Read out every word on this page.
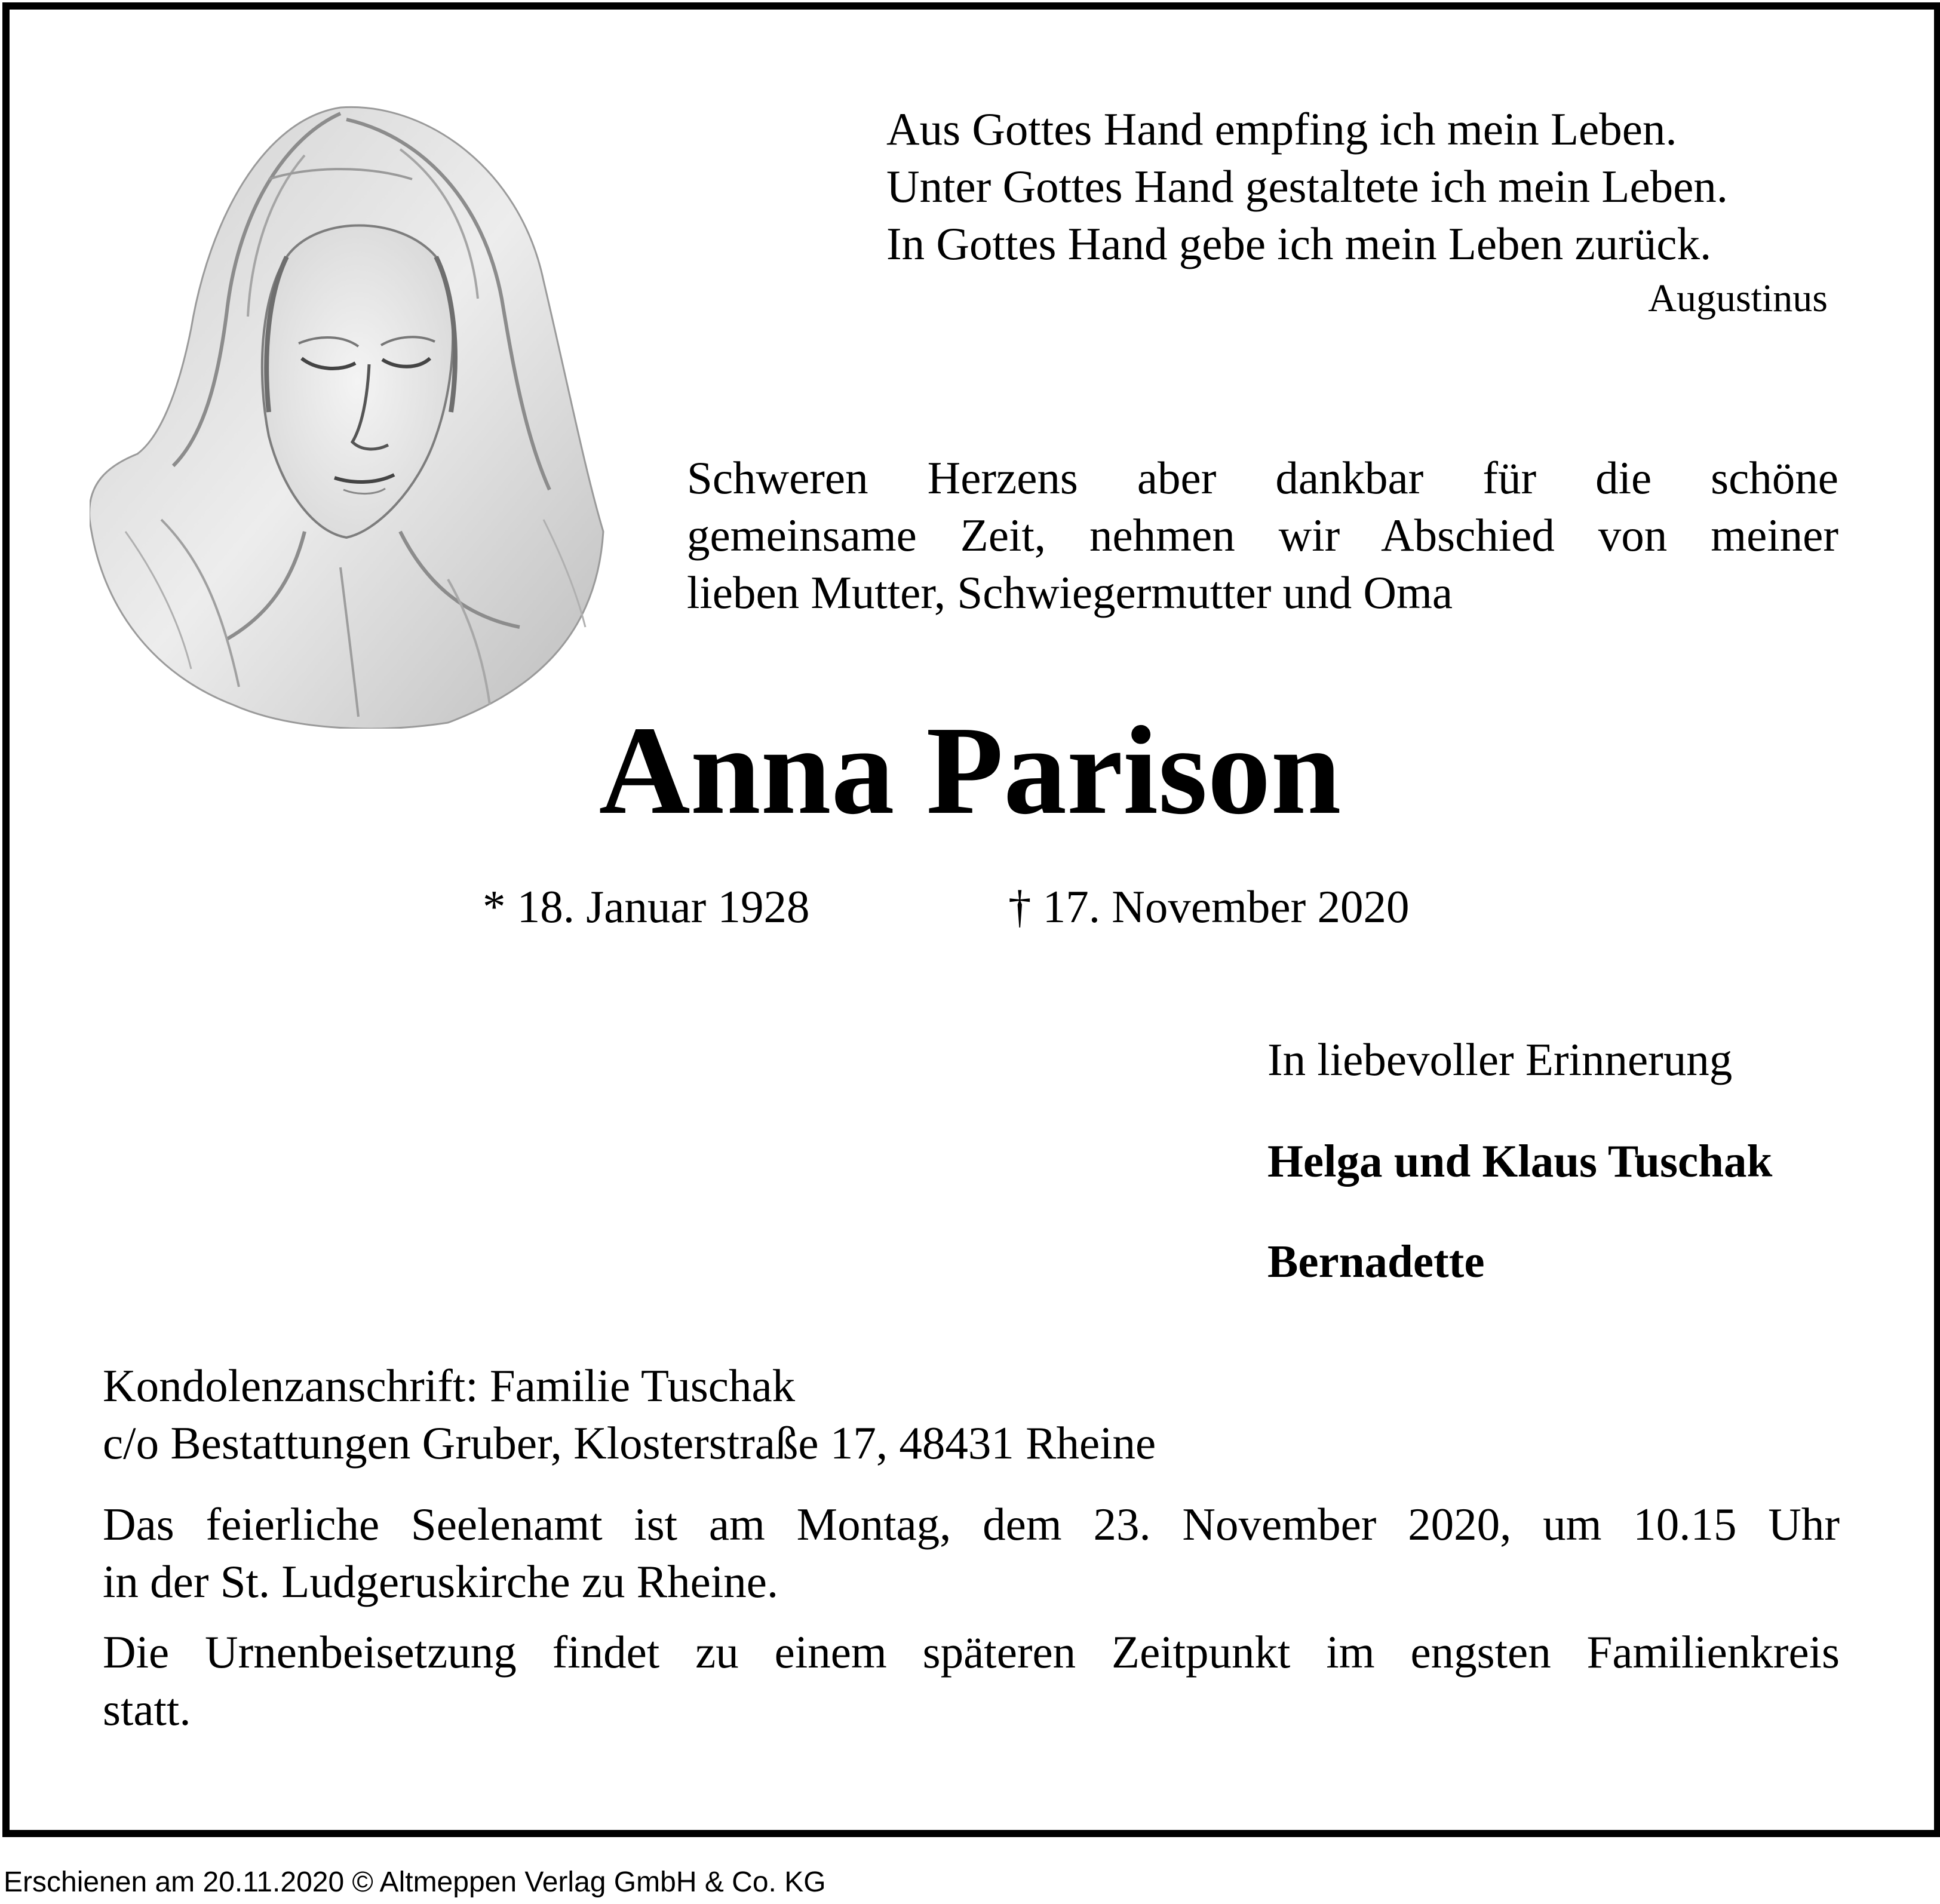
Aus Gottes Hand empfing ich mein Leben.
Unter Gottes Hand gestaltete ich mein Leben.
In Gottes Hand gebe ich mein Leben zurück.
Augustinus
Schweren Herzens aber dankbar für die schöne
gemeinsame Zeit, nehmen wir Abschied von meiner
lieben Mutter, Schwiegermutter und Oma
Anna Parison
* 18. Januar 1928	† 17. November 2020
In liebevoller Erinnerung
Helga und Klaus Tuschak
Bernadette
Kondolenzanschrift: Familie Tuschak
c/o Bestattungen Gruber, Klosterstraße 17, 48431 Rheine
Das feierliche Seelenamt ist am Montag, dem 23. November 2020, um 10.15 Uhr
in der St. Ludgeruskirche zu Rheine.
Die Urnenbeisetzung findet zu einem späteren Zeitpunkt im engsten Familienkreis
statt.
Erschienen am 20.11.2020 © Altmeppen Verlag GmbH & Co. KG
